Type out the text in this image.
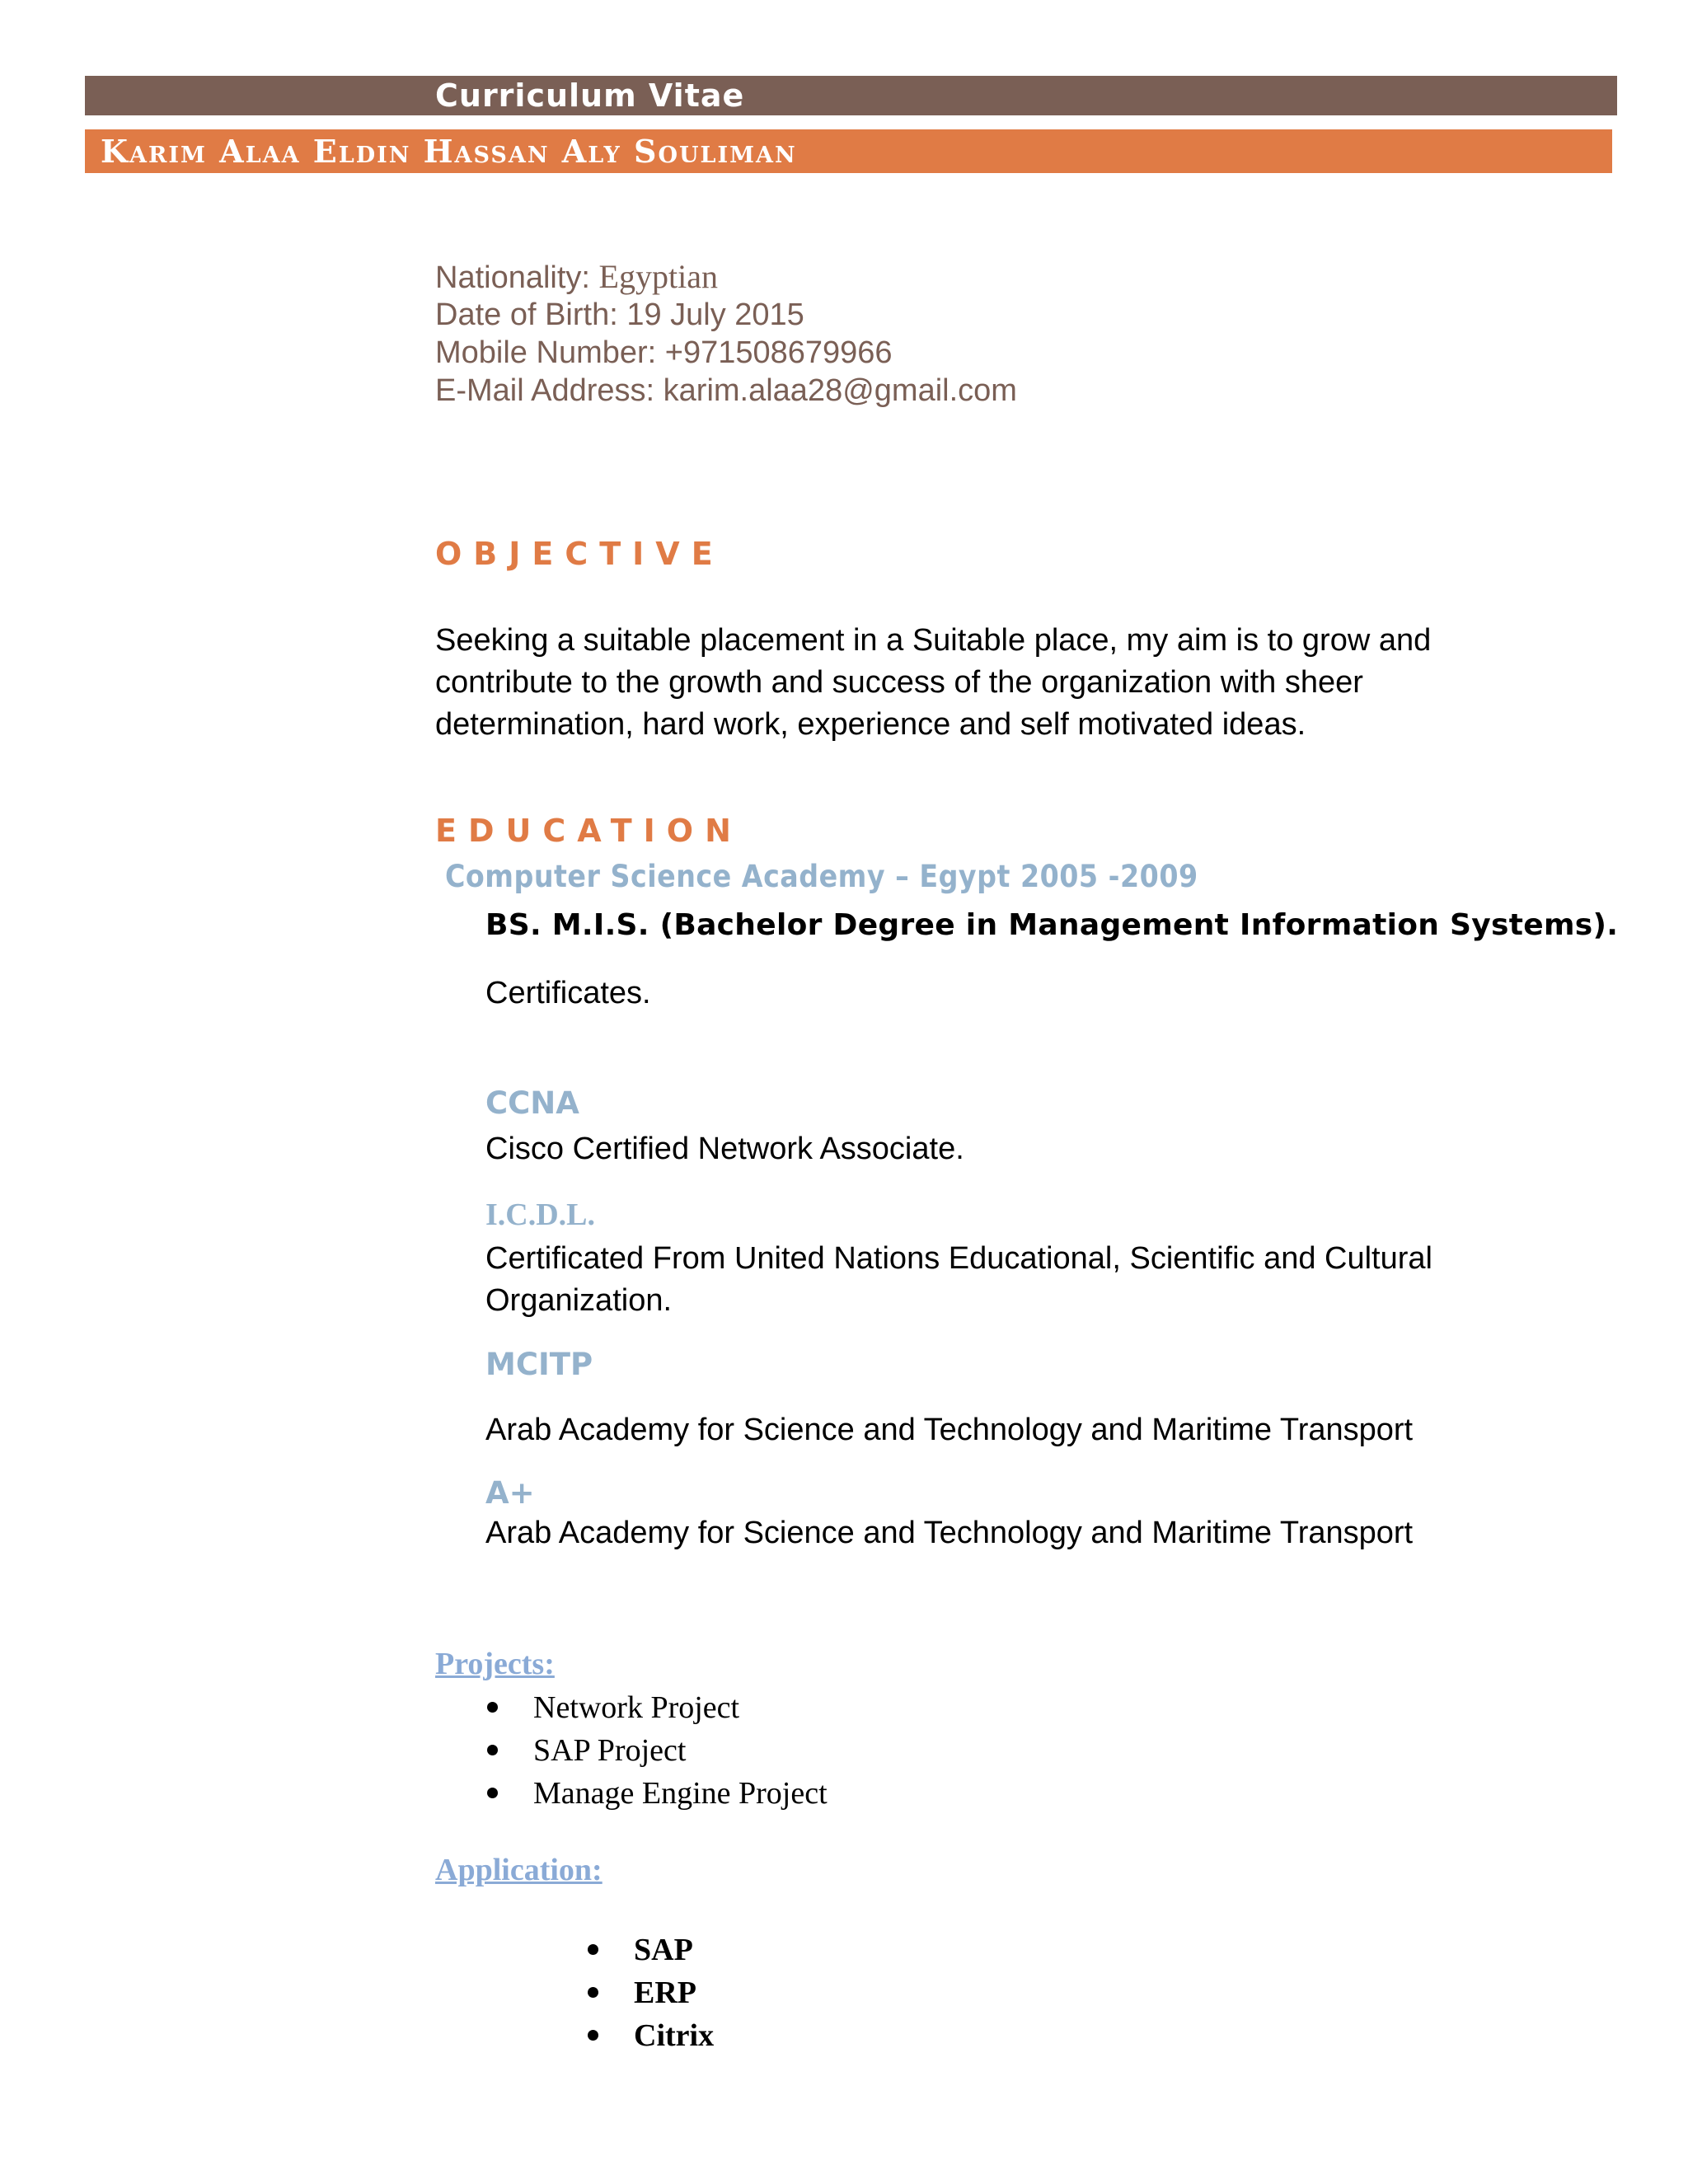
Curriculum Vitae
Karim Alaa Eldin Hassan Aly Souliman
Nationality: Egyptian
Date of Birth: 19 July 2015
Mobile Number: +971508679966
E-Mail Address: karim.alaa28@gmail.com
OBJECTIVE
Seeking a suitable placement in a Suitable place, my aim is to grow and contribute to the growth and success of the organization with sheer determination, hard work, experience and self motivated ideas.
EDUCATION
Computer Science Academy – Egypt 2005 -2009
BS. M.I.S. (Bachelor Degree in Management Information Systems).
Certificates.
CCNA
Cisco Certified Network Associate.
I.C.D.L.
Certificated From United Nations Educational, Scientific and Cultural Organization.
MCITP
Arab Academy for Science and Technology and Maritime Transport
A+
Arab Academy for Science and Technology and Maritime Transport
Projects:
Network Project
SAP Project
Manage Engine Project
Application:
SAP
ERP
Citrix
